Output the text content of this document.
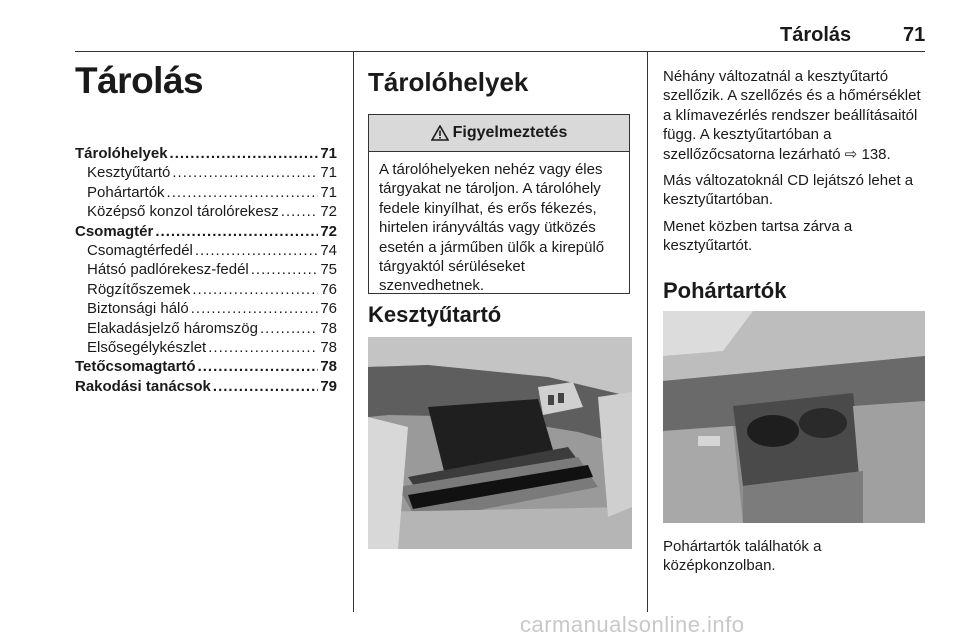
Tárolás	71
Tárolás
Tárolóhelyek .....	71
Kesztyűtartó .....	71
Pohártartók .....	71
Középső konzol tárolórekesz .....	72
Csomagtér .....	72
Csomagtérfedél .....	74
Hátsó padlórekesz-fedél .....	75
Rögzítőszemek .....	76
Biztonsági háló .....	76
Elakadásjelző háromszög .....	78
Elsősegélykészlet .....	78
Tetőcsomagtartó .....	78
Rakodási tanácsok .....	79
Tárolóhelyek
Figyelmeztetés
A tárolóhelyeken nehéz vagy éles tárgyakat ne tároljon. A tárolóhely fedele kinyílhat, és erős fékezés, hirtelen irányváltás vagy ütközés esetén a járműben ülők a kirepülő tárgyaktól sérüléseket szenvedhetnek.
Kesztyűtartó

Néhány változatnál a kesztyűtartó szellőzik. A szellőzés és a hőmérséklet a klímavezérlés rendszer beállításaitól függ. A kesztyűtartóban a szellőzőcsatorna lezárható ⇨ 138.

Más változatoknál CD lejátszó lehet a kesztyűtartóban.

Menet közben tartsa zárva a kesztyűtartót.

Pohártartók
Pohártartók találhatók a középkonzolban.
carmanualsonline.info
